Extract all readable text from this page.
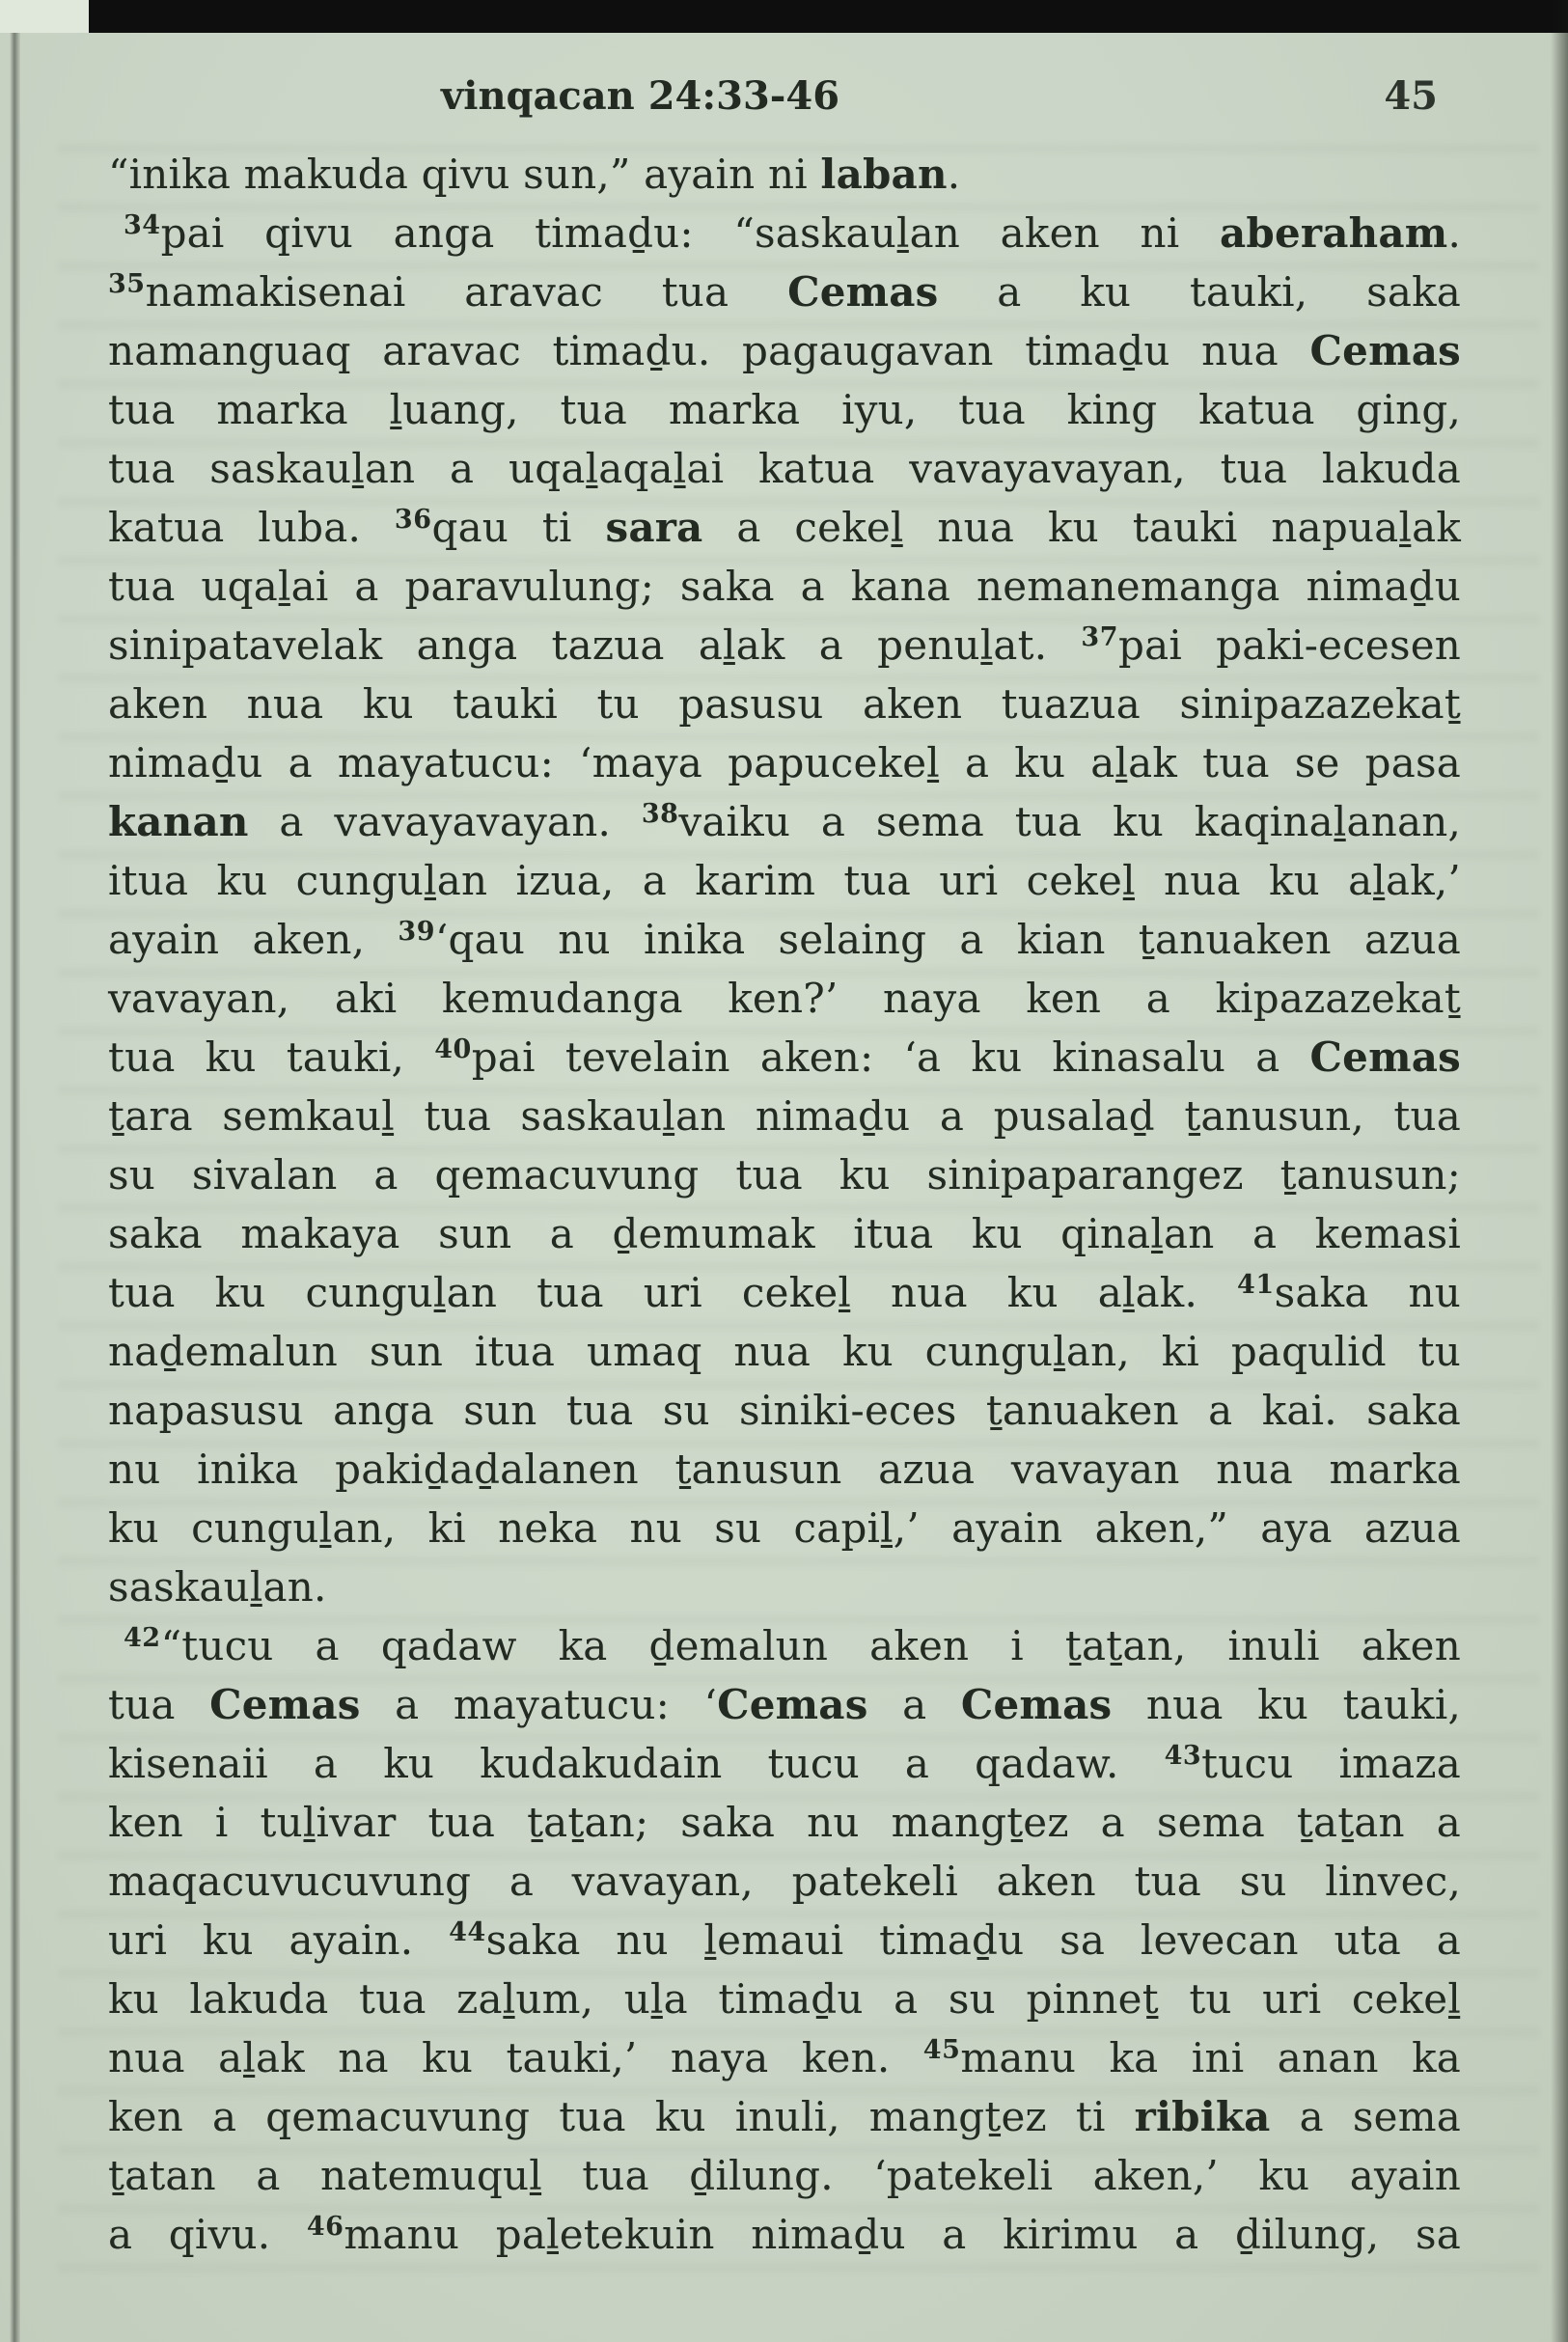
vinqacan 24:33-46	45
“inika makuda qivu sun,” ayain ni laban.
$^{34}$pai qivu anga timaḏu: “saskauḻan aken ni aberaham.
$^{35}$namakisenai aravac tua Cemas a ku tauki, saka
namanguaq aravac timaḏu. pagaugavan timaḏu nua Cemas
tua marka ḻuang, tua marka iyu, tua king katua ging,
tua saskauḻan a uqaḻaqaḻai katua vavayavayan, tua lakuda
katua luba. $^{36}$qau ti sara a cekeḻ nua ku tauki napuaḻak
tua uqaḻai a paravulung; saka a kana nemanemanga nimaḏu
sinipatavelak anga tazua aḻak a penuḻat. $^{37}$pai paki-ecesen
aken nua ku tauki tu pasusu aken tuazua sinipazazekaṯ
nimaḏu a mayatucu: ‘maya papucekeḻ a ku aḻak tua se pasa
kanan a vavayavayan. $^{38}$vaiku a sema tua ku kaqinaḻanan,
itua ku cunguḻan izua, a karim tua uri cekeḻ nua ku aḻak,’
ayain aken, $^{39}$‘qau nu inika selaing a kian ṯanuaken azua
vavayan, aki kemudanga ken?’ naya ken a kipazazekaṯ
tua ku tauki, $^{40}$pai tevelain aken: ‘a ku kinasalu a Cemas
ṯara semkauḻ tua saskauḻan nimaḏu a pusalaḏ ṯanusun, tua
su sivalan a qemacuvung tua ku sinipaparangez ṯanusun;
saka makaya sun a ḏemumak itua ku qinaḻan a kemasi
tua ku cunguḻan tua uri cekeḻ nua ku aḻak. $^{41}$saka nu
naḏemalun sun itua umaq nua ku cunguḻan, ki paqulid tu
napasusu anga sun tua su siniki-eces ṯanuaken a kai. saka
nu inika pakiḏaḏalanen ṯanusun azua vavayan nua marka
ku cunguḻan, ki neka nu su capiḻ,’ ayain aken,” aya azua
saskauḻan.
$^{42}$“tucu a qadaw ka ḏemalun aken i ṯaṯan, inuli aken
tua Cemas a mayatucu: ‘Cemas a Cemas nua ku tauki,
kisenaii a ku kudakudain tucu a qadaw. $^{43}$tucu imaza
ken i tuḻivar tua ṯaṯan; saka nu mangṯez a sema ṯaṯan a
maqacuvucuvung a vavayan, patekeli aken tua su linvec,
uri ku ayain. $^{44}$saka nu ḻemaui timaḏu sa levecan uta a
ku lakuda tua zaḻum, uḻa timaḏu a su pinneṯ tu uri cekeḻ
nua aḻak na ku tauki,’ naya ken. $^{45}$manu ka ini anan ka
ken a qemacuvung tua ku inuli, mangṯez ti ribika a sema
ṯatan a natemuquḻ tua ḏilung. ‘patekeli aken,’ ku ayain
a qivu. $^{46}$manu paḻetekuin nimaḏu a kirimu a ḏilung, sa
